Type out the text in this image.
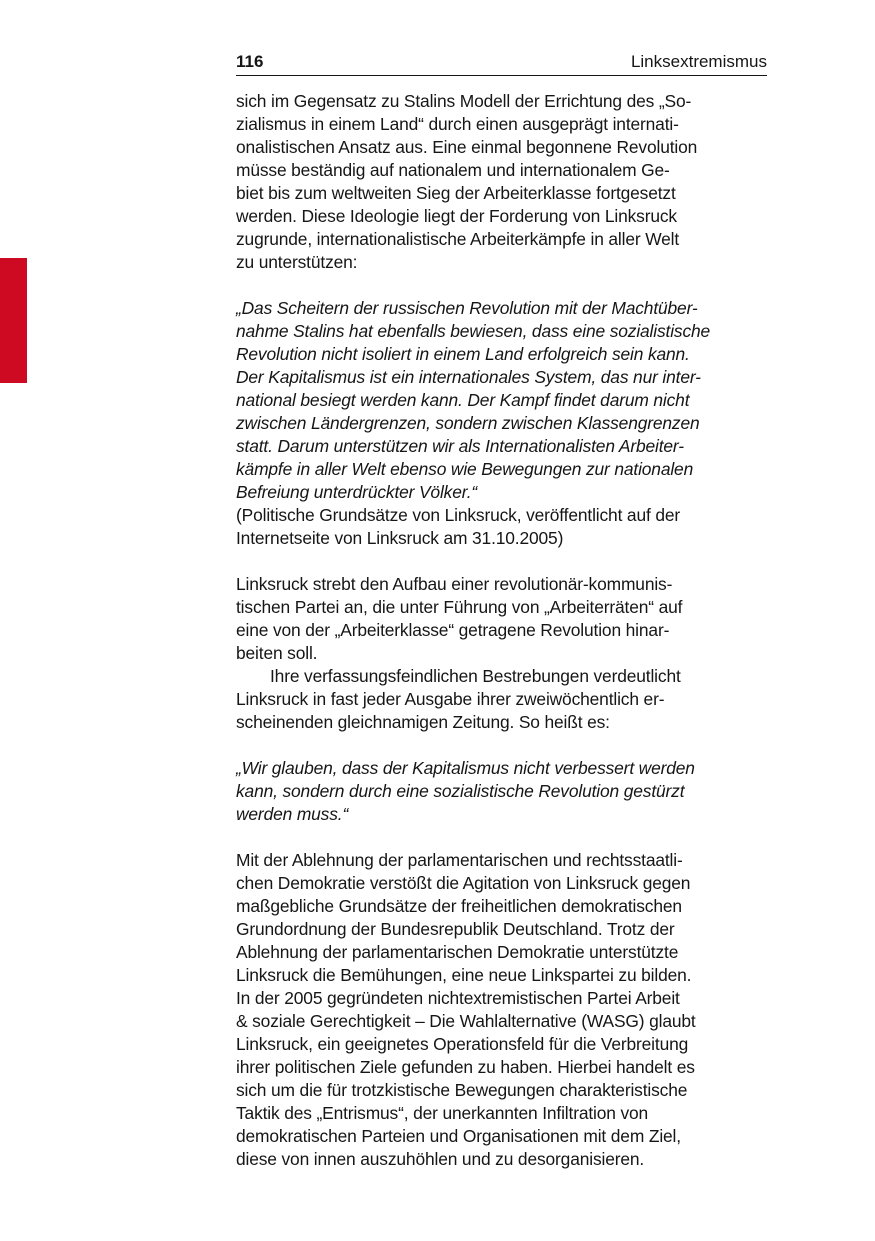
116	Linksextremismus
sich im Gegensatz zu Stalins Modell der Errichtung des „So-
zialismus in einem Land“ durch einen ausgeprägt internati-
onalistischen Ansatz aus. Eine einmal begonnene Revolution
müsse beständig auf nationalem und internationalem Ge-
biet bis zum weltweiten Sieg der Arbeiterklasse fortgesetzt
werden. Diese Ideologie liegt der Forderung von Linksruck
zugrunde, internationalistische Arbeiterkämpfe in aller Welt
zu unterstützen:
„Das Scheitern der russischen Revolution mit der Machtüber-
nahme Stalins hat ebenfalls bewiesen, dass eine sozialistische
Revolution nicht isoliert in einem Land erfolgreich sein kann.
Der Kapitalismus ist ein internationales System, das nur inter-
national besiegt werden kann. Der Kampf findet darum nicht
zwischen Ländergrenzen, sondern zwischen Klassengrenzen
statt. Darum unterstützen wir als Internationalisten Arbeiter-
kämpfe in aller Welt ebenso wie Bewegungen zur nationalen
Befreiung unterdrückter Völker.“
(Politische Grundsätze von Linksruck, veröffentlicht auf der
Internetseite von Linksruck am 31.10.2005)
Linksruck strebt den Aufbau einer revolutionär-kommunis-
tischen Partei an, die unter Führung von „Arbeiterräten“ auf
eine von der „Arbeiterklasse“ getragene Revolution hinar-
beiten soll.
Ihre verfassungsfeindlichen Bestrebungen verdeutlicht
Linksruck in fast jeder Ausgabe ihrer zweiwöchentlich er-
scheinenden gleichnamigen Zeitung. So heißt es:
„Wir glauben, dass der Kapitalismus nicht verbessert werden
kann, sondern durch eine sozialistische Revolution gestürzt
werden muss.“
Mit der Ablehnung der parlamentarischen und rechtsstaatli-
chen Demokratie verstößt die Agitation von Linksruck gegen
maßgebliche Grundsätze der freiheitlichen demokratischen
Grundordnung der Bundesrepublik Deutschland. Trotz der
Ablehnung der parlamentarischen Demokratie unterstützte
Linksruck die Bemühungen, eine neue Linkspartei zu bilden.
In der 2005 gegründeten nichtextremistischen Partei Arbeit
& soziale Gerechtigkeit – Die Wahlalternative (WASG) glaubt
Linksruck, ein geeignetes Operationsfeld für die Verbreitung
ihrer politischen Ziele gefunden zu haben. Hierbei handelt es
sich um die für trotzkistische Bewegungen charakteristische
Taktik des „Entrismus“, der unerkannten Infiltration von
demokratischen Parteien und Organisationen mit dem Ziel,
diese von innen auszuhöhlen und zu desorganisieren.
